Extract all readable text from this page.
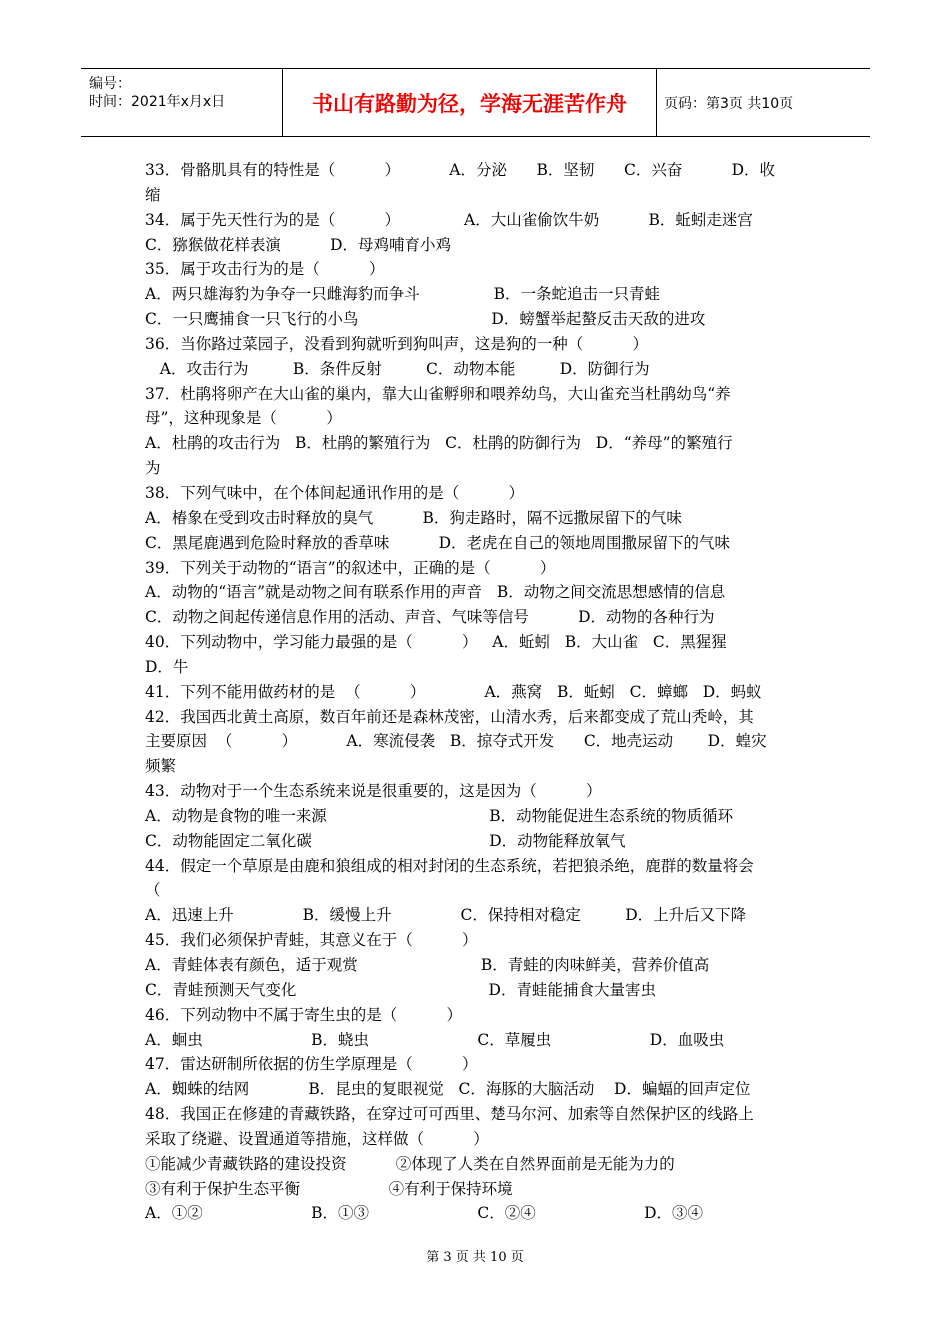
编号：
时间：2021年x月x日	书山有路勤为径，学海无涯苦作舟	页码：第3页 共10页
33．骨骼肌具有的特性是（          ）          A．分泌      B．坚韧      C．兴奋          D．收
缩
34．属于先天性行为的是（          ）             A．大山雀偷饮牛奶          B．蚯蚓走迷宫
C．猕猴做花样表演          D．母鸡哺育小鸡
35．属于攻击行为的是（          ）
A．两只雄海豹为争夺一只雌海豹而争斗               B．一条蛇追击一只青蛙
C．一只鹰捕食一只飞行的小鸟                           D．螃蟹举起螯反击天敌的进攻
36．当你路过菜园子，没看到狗就听到狗叫声，这是狗的一种（          ）
A．攻击行为         B．条件反射         C．动物本能         D．防御行为
37．杜鹃将卵产在大山雀的巢内，靠大山雀孵卵和喂养幼鸟，大山雀充当杜鹃幼鸟“养
母”，这种现象是（          ）
A．杜鹃的攻击行为   B．杜鹃的繁殖行为   C．杜鹃的防御行为   D．“养母”的繁殖行
为
38．下列气味中，在个体间起通讯作用的是（          ）
A．椿象在受到攻击时释放的臭气          B．狗走路时，隔不远撒尿留下的气味
C．黑尾鹿遇到危险时释放的香草味          D．老虎在自己的领地周围撒尿留下的气味
39．下列关于动物的“语言”的叙述中，正确的是（          ）
A．动物的“语言”就是动物之间有联系作用的声音   B．动物之间交流思想感情的信息
C．动物之间起传递信息作用的活动、声音、气味等信号          D．动物的各种行为
40．下列动物中，学习能力最强的是（          ）   A．蚯蚓   B．大山雀   C．黑猩猩
D．牛
41．下列不能用做药材的是  （          ）            A．燕窝   B．蚯蚓   C．蟑螂   D．蚂蚁
42．我国西北黄土高原，数百年前还是森林茂密，山清水秀，后来都变成了荒山秃岭，其
主要原因  （          ）          A．寒流侵袭   B．掠夺式开发      C．地壳运动       D．蝗灾
频繁
43．动物对于一个生态系统来说是很重要的，这是因为（          ）
A．动物是食物的唯一来源                                 B．动物能促进生态系统的物质循环
C．动物能固定二氧化碳                                    D．动物能释放氧气
44．假定一个草原是由鹿和狼组成的相对封闭的生态系统，若把狼杀绝，鹿群的数量将会
（
A．迅速上升              B．缓慢上升              C．保持相对稳定         D．上升后又下降
45．我们必须保护青蛙，其意义在于（          ）
A．青蛙体表有颜色，适于观赏                         B．青蛙的肉味鲜美，营养价值高
C．青蛙预测天气变化                                       D．青蛙能捕食大量害虫
46．下列动物中不属于寄生虫的是（          ）
A．蛔虫                      B．蛲虫                      C．草履虫                    D．血吸虫
47．雷达研制所依据的仿生学原理是（          ）
A．蜘蛛的结网            B．昆虫的复眼视觉   C．海豚的大脑活动    D．蝙蝠的回声定位
48．我国正在修建的青藏铁路，在穿过可可西里、楚马尔河、加索等自然保护区的线路上
采取了绕避、设置通道等措施，这样做（          ）
①能减少青藏铁路的建设投资          ②体现了人类在自然界面前是无能为力的
③有利于保护生态平衡                  ④有利于保持环境
A．①②                      B．①③                      C．②④                      D．③④
第 3 页 共 10 页
